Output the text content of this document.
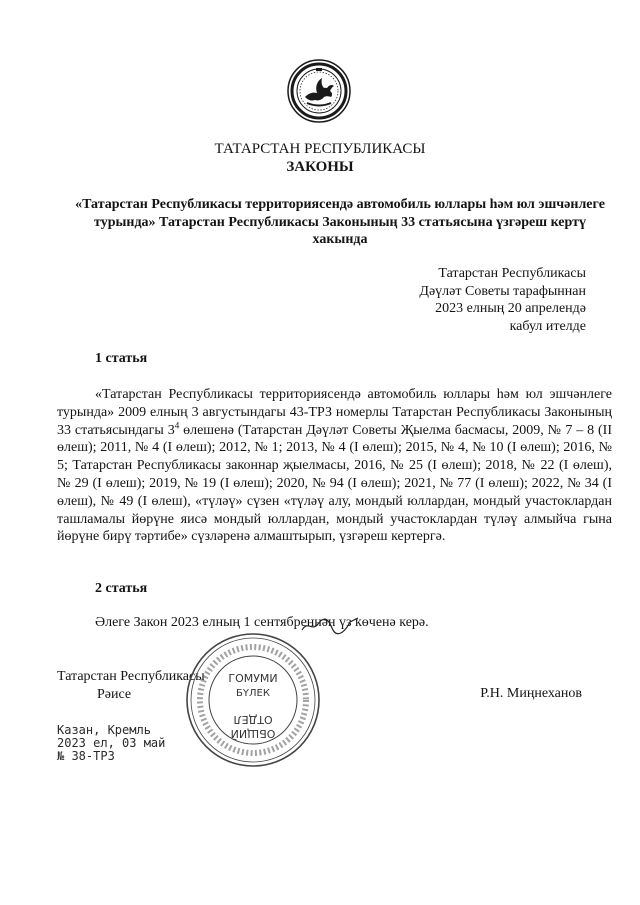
ТАТАРСТАН РЕСПУБЛИКАСЫ
ЗАКОНЫ
«Татарстан Республикасы территориясендә автомобиль юллары һәм юл эшчәнлеге турында» Татарстан Республикасы Законының 33 статьясына үзгәреш кертү хакында
Татарстан Республикасы
Дәүләт Советы тарафыннан
2023 елның 20 апрелендә
кабул ителде
1 статья

«Татарстан Республикасы территориясендә автомобиль юллары һәм юл эшчәнлеге турында» 2009 елның 3 августындагы 43-ТРЗ номерлы Татарстан Республикасы Законының 33 статьясындагы $3^4$ өлешенә (Татарстан Дәүләт Советы Җыелма басмасы, 2009, № 7 – 8 (II өлеш); 2011, № 4 (I өлеш); 2012, № 1; 2013, № 4 (I өлеш); 2015, № 4, № 10 (I өлеш); 2016, № 5; Татарстан Республикасы законнар җыелмасы, 2016, № 25 (I өлеш); 2018, № 22 (I өлеш), № 29 (I өлеш); 2019, № 19 (I өлеш); 2020, № 94 (I өлеш); 2021, № 77 (I өлеш); 2022, № 34 (I өлеш), № 49 (I өлеш), «түләү» сүзен «түләү алу, мондый юллардан, мондый участоклардан ташламалы йөрүне яисә мондый юллардан, мондый участоклардан түләү алмыйча гына йөрүне бирү тәртибе» сүзләренә алмаштырып, үзгәреш кертергә.

2 статья

Әлеге Закон 2023 елның 1 сентябреннән үз көченә керә.

Татарстан Республикасы
Рәисе	Р.Н. Миңнеханов
Казан, Кремль
2023 ел, 03 май
№ 38-ТРЗ
ГОМУМИ
БҮЛЕК
ОТДЕЛ
ОБЩИЙ
